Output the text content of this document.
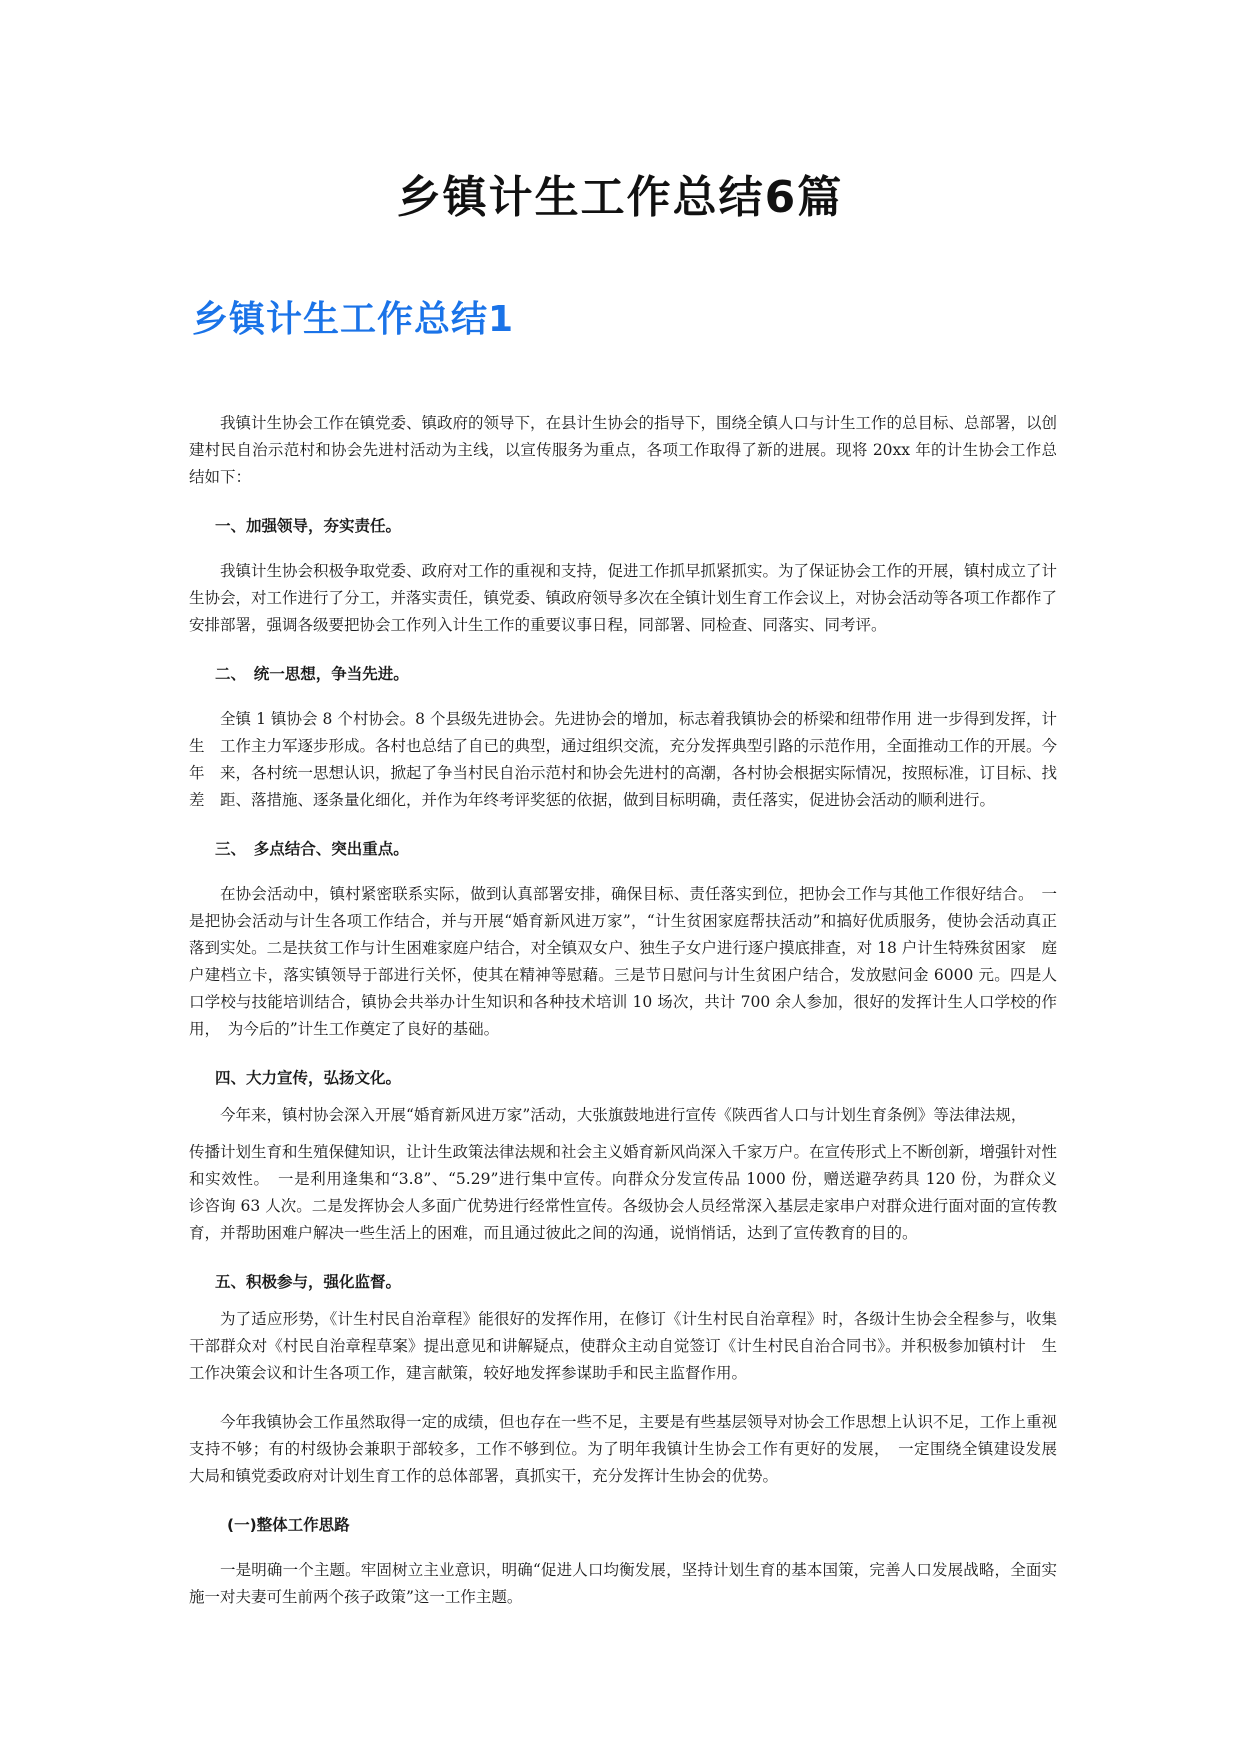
乡镇计生工作总结6篇
乡镇计生工作总结1

我镇计生协会工作在镇党委、镇政府的领导下，在县计生协会的指导下，围绕全镇人口与计生工作的总目标、总部署，以创建村民自治示范村和协会先进村活动为主线，以宣传服务为重点，各项工作取得了新的进展。现将 20xx 年的计生协会工作总　结如下：

一、加强领导，夯实责任。

我镇计生协会积极争取党委、政府对工作的重视和支持，促进工作抓早抓紧抓实。为了保证协会工作的开展，镇村成立了计生协会，对工作进行了分工，并落实责任，镇党委、镇政府领导多次在全镇计划生育工作会议上，对协会活动等各项工作都作了安排部署，强调各级要把协会工作列入计生工作的重要议事日程，同部署、同检查、同落实、同考评。

二、　统一思想，争当先进。

全镇 1 镇协会 8 个村协会。8 个县级先进协会。先进协会的增加，标志着我镇协会的桥梁和纽带作用 进一步得到发挥，计生　工作主力军逐步形成。各村也总结了自已的典型，通过组织交流，充分发挥典型引路的示范作用，全面推动工作的开展。今年　来，各村统一思想认识，掀起了争当村民自治示范村和协会先进村的高潮，各村协会根据实际情况，按照标准，订目标、找差　距、落措施、逐条量化细化，并作为年终考评奖惩的依据，做到目标明确，责任落实，促进协会活动的顺利进行。

三、　多点结合、突出重点。

在协会活动中，镇村紧密联系实际，做到认真部署安排，确保目标、责任落实到位，把协会工作与其他工作很好结合。　一是把协会活动与计生各项工作结合，并与开展“婚育新风进万家”，“计生贫困家庭帮扶活动”和搞好优质服务，使协会活动真正落到实处。二是扶贫工作与计生困难家庭户结合，对全镇双女户、独生子女户进行逐户摸底排查，对 18 户计生特殊贫困家　庭户建档立卡，落实镇领导于部进行关怀，使其在精神等慰藉。三是节日慰问与计生贫困户结合，发放慰问金 6000 元。四是人　口学校与技能培训结合，镇协会共举办计生知识和各种技术培训 10 场次，共计 700 余人参加，很好的发挥计生人口学校的作用，　为今后的”计生工作奠定了良好的基础。

四、大力宣传，弘扬文化。

今年来，镇村协会深入开展“婚育新风进万家”活动，大张旗鼓地进行宣传《陕西省人口与计划生育条例》等法律法规，

传播计划生育和生殖保健知识，让计生政策法律法规和社会主义婚育新风尚深入千家万户。在宣传形式上不断创新，增强针对性和实效性。　一是利用逢集和“3.8”、“5.29”进行集中宣传。向群众分发宣传品 1000 份，赠送避孕药具 120 份，为群众义　诊咨询 63 人次。二是发挥协会人多面广优势进行经常性宣传。各级协会人员经常深入基层走家串户对群众进行面对面的宣传教　育，并帮助困难户解决一些生活上的困难，而且通过彼此之间的沟通，说悄悄话，达到了宣传教育的目的。

五、积极参与，强化监督。

为了适应形势，《计生村民自治章程》能很好的发挥作用，在修订《计生村民自治章程》时，各级计生协会全程参与，收集干部群众对《村民自治章程草案》提出意见和讲解疑点，使群众主动自觉签订《计生村民自治合同书》。并积极参加镇村计　生工作决策会议和计生各项工作，建言献策，较好地发挥参谋助手和民主监督作用。

今年我镇协会工作虽然取得一定的成绩，但也存在一些不足，主要是有些基层领导对协会工作思想上认识不足，工作上重视支持不够；有的村级协会兼职于部较多，工作不够到位。为了明年我镇计生协会工作有更好的发展，　一定围绕全镇建设发展　大局和镇党委政府对计划生育工作的总体部署，真抓实干，充分发挥计生协会的优势。

(一)整体工作思路

一是明确一个主题。牢固树立主业意识，明确“促进人口均衡发展，坚持计划生育的基本国策，完善人口发展战略，全面实施一对夫妻可生前两个孩子政策”这一工作主题。
